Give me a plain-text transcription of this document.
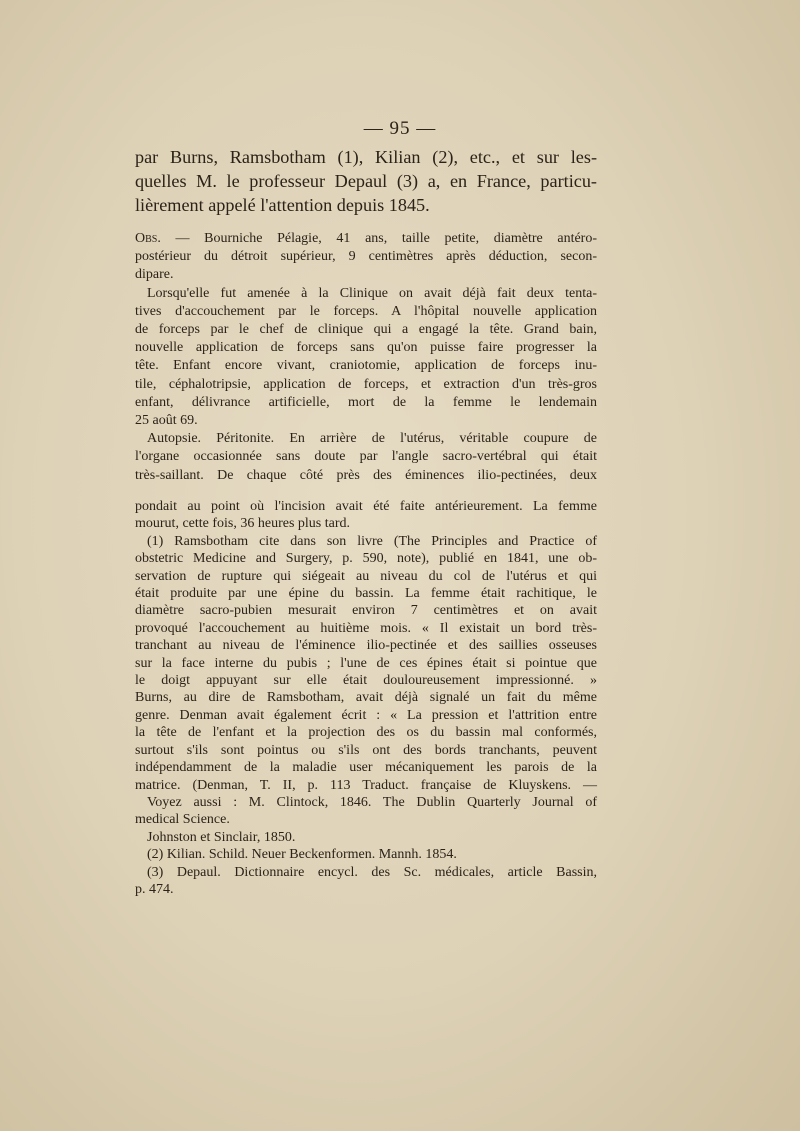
— 95 —
par Burns, Ramsbotham (1), Kilian (2), etc., et sur les-
quelles M. le professeur Depaul (3) a, en France, particu-
lièrement appelé l'attention depuis 1845.
Obs. — Bourniche Pélagie, 41 ans, taille petite, diamètre antéro-
postérieur du détroit supérieur, 9 centimètres après déduction, secon-
dipare.
Lorsqu'elle fut amenée à la Clinique on avait déjà fait deux tenta-
tives d'accouchement par le forceps. A l'hôpital nouvelle application
de forceps par le chef de clinique qui a engagé la tête. Grand bain,
nouvelle application de forceps sans qu'on puisse faire progresser la
tête. Enfant encore vivant, craniotomie, application de forceps inu-
tile, céphalotripsie, application de forceps, et extraction d'un très-gros
enfant, délivrance artificielle, mort de la femme le lendemain
25 août 69.
Autopsie. Péritonite. En arrière de l'utérus, véritable coupure de
l'organe occasionnée sans doute par l'angle sacro-vertébral qui était
très-saillant. De chaque côté près des éminences ilio-pectinées, deux
pondait au point où l'incision avait été faite antérieurement. La femme
mourut, cette fois, 36 heures plus tard.
(1) Ramsbotham cite dans son livre (The Principles and Practice of
obstetric Medicine and Surgery, p. 590, note), publié en 1841, une ob-
servation de rupture qui siégeait au niveau du col de l'utérus et qui
était produite par une épine du bassin. La femme était rachitique, le
diamètre sacro-pubien mesurait environ 7 centimètres et on avait
provoqué l'accouchement au huitième mois. « Il existait un bord très-
tranchant au niveau de l'éminence ilio-pectinée et des saillies osseuses
sur la face interne du pubis ; l'une de ces épines était si pointue que
le doigt appuyant sur elle était douloureusement impressionné. »
Burns, au dire de Ramsbotham, avait déjà signalé un fait du même
genre. Denman avait également écrit : « La pression et l'attrition entre
la tête de l'enfant et la projection des os du bassin mal conformés,
surtout s'ils sont pointus ou s'ils ont des bords tranchants, peuvent
indépendamment de la maladie user mécaniquement les parois de la
matrice. (Denman, T. II, p. 113 Traduct. française de Kluyskens. —
Voyez aussi : M. Clintock, 1846. The Dublin Quarterly Journal of
medical Science.
Johnston et Sinclair, 1850.
(2) Kilian. Schild. Neuer Beckenformen. Mannh. 1854.
(3) Depaul. Dictionnaire encycl. des Sc. médicales, article Bassin,
p. 474.
